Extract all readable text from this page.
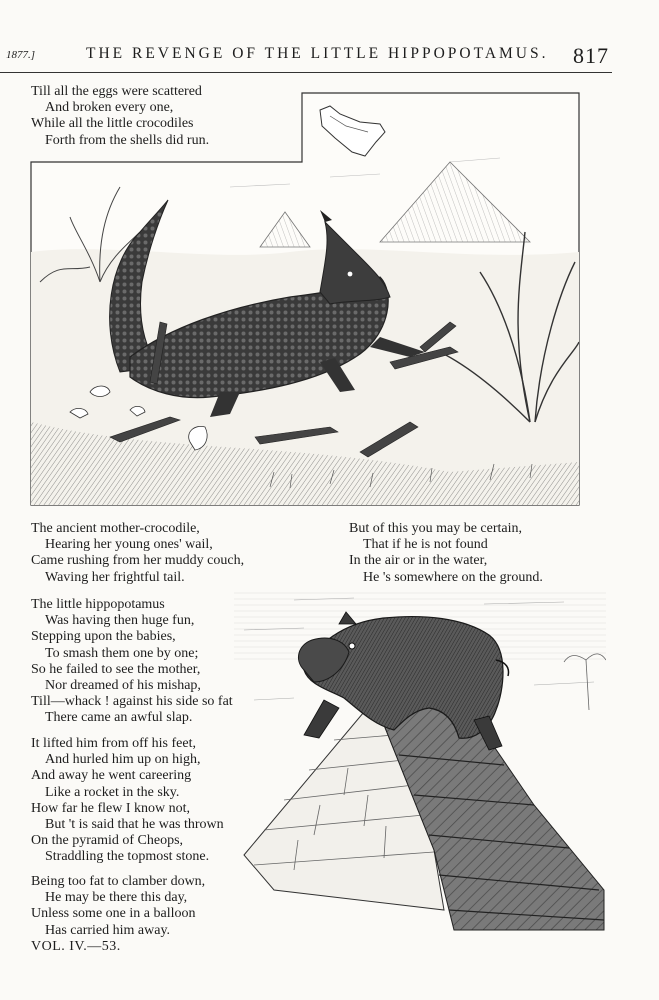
1877.]	THE REVENGE OF THE LITTLE HIPPOPOTAMUS. 817
Till all the eggs were scattered
And broken every one,
While all the little crocodiles
Forth from the shells did run.
The ancient mother-crocodile,
Hearing her young ones' wail,
Came rushing from her muddy couch,
Waving her frightful tail.
But of this you may be certain,
That if he is not found
In the air or in the water,
He 's somewhere on the ground.
The little hippopotamus
Was having then huge fun,
Stepping upon the babies,
To smash them one by one;
So he failed to see the mother,
Nor dreamed of his mishap,
Till—whack ! against his side so fat
There came an awful slap.
It lifted him from off his feet,
And hurled him up on high,
And away he went careering
Like a rocket in the sky.
How far he flew I know not,
But 't is said that he was thrown
On the pyramid of Cheops,
Straddling the topmost stone.
Being too fat to clamber down,
He may be there this day,
Unless some one in a balloon
Has carried him away.
VOL. IV.—53.
